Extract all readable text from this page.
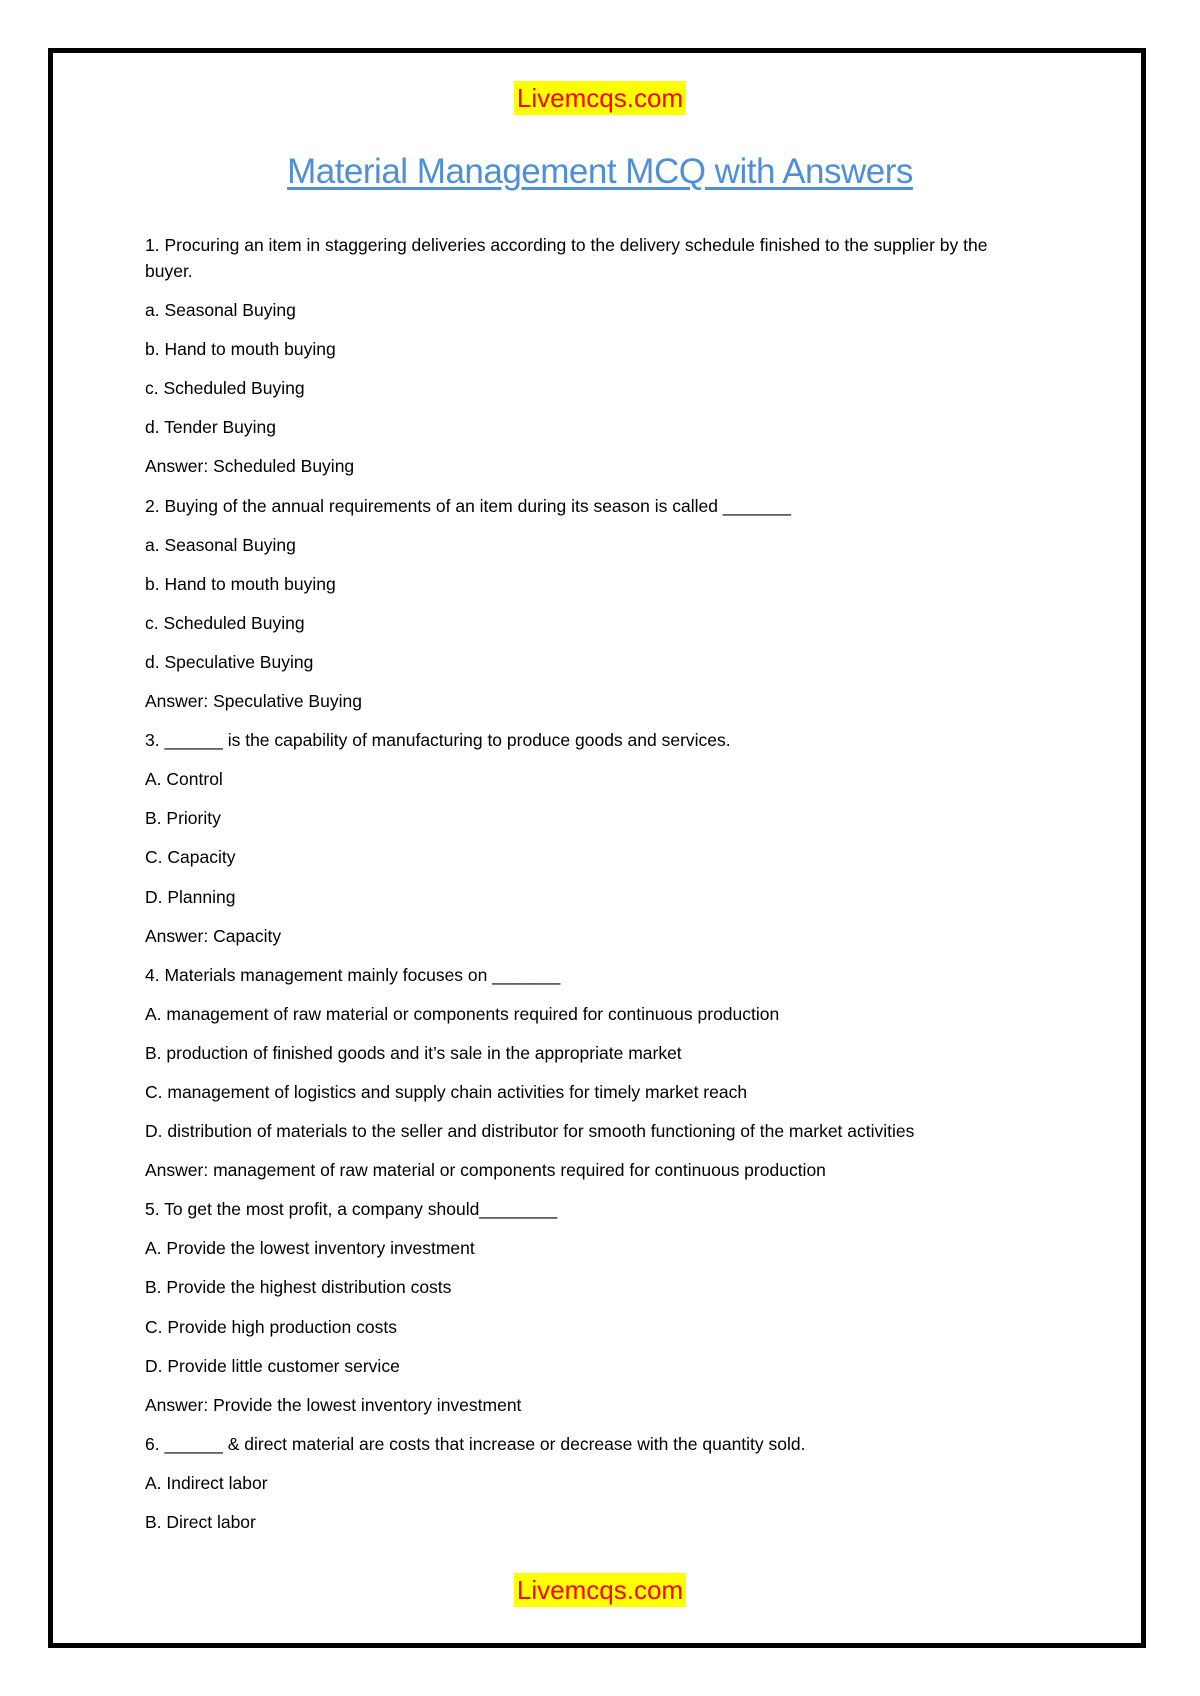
Livemcqs.com
Material Management MCQ with Answers
1. Procuring an item in staggering deliveries according to the delivery schedule finished to the supplier by the
buyer.
a. Seasonal Buying
b. Hand to mouth buying
c. Scheduled Buying
d. Tender Buying
Answer: Scheduled Buying
2. Buying of the annual requirements of an item during its season is called _______
a. Seasonal Buying
b. Hand to mouth buying
c. Scheduled Buying
d. Speculative Buying
Answer: Speculative Buying
3. ______ is the capability of manufacturing to produce goods and services.
A. Control
B. Priority
C. Capacity
D. Planning
Answer: Capacity
4. Materials management mainly focuses on _______
A. management of raw material or components required for continuous production
B. production of finished goods and it’s sale in the appropriate market
C. management of logistics and supply chain activities for timely market reach
D. distribution of materials to the seller and distributor for smooth functioning of the market activities
Answer: management of raw material or components required for continuous production
5. To get the most profit, a company should________
A. Provide the lowest inventory investment
B. Provide the highest distribution costs
C. Provide high production costs
D. Provide little customer service
Answer: Provide the lowest inventory investment
6. ______ & direct material are costs that increase or decrease with the quantity sold.
A. Indirect labor
B. Direct labor
Livemcqs.com
